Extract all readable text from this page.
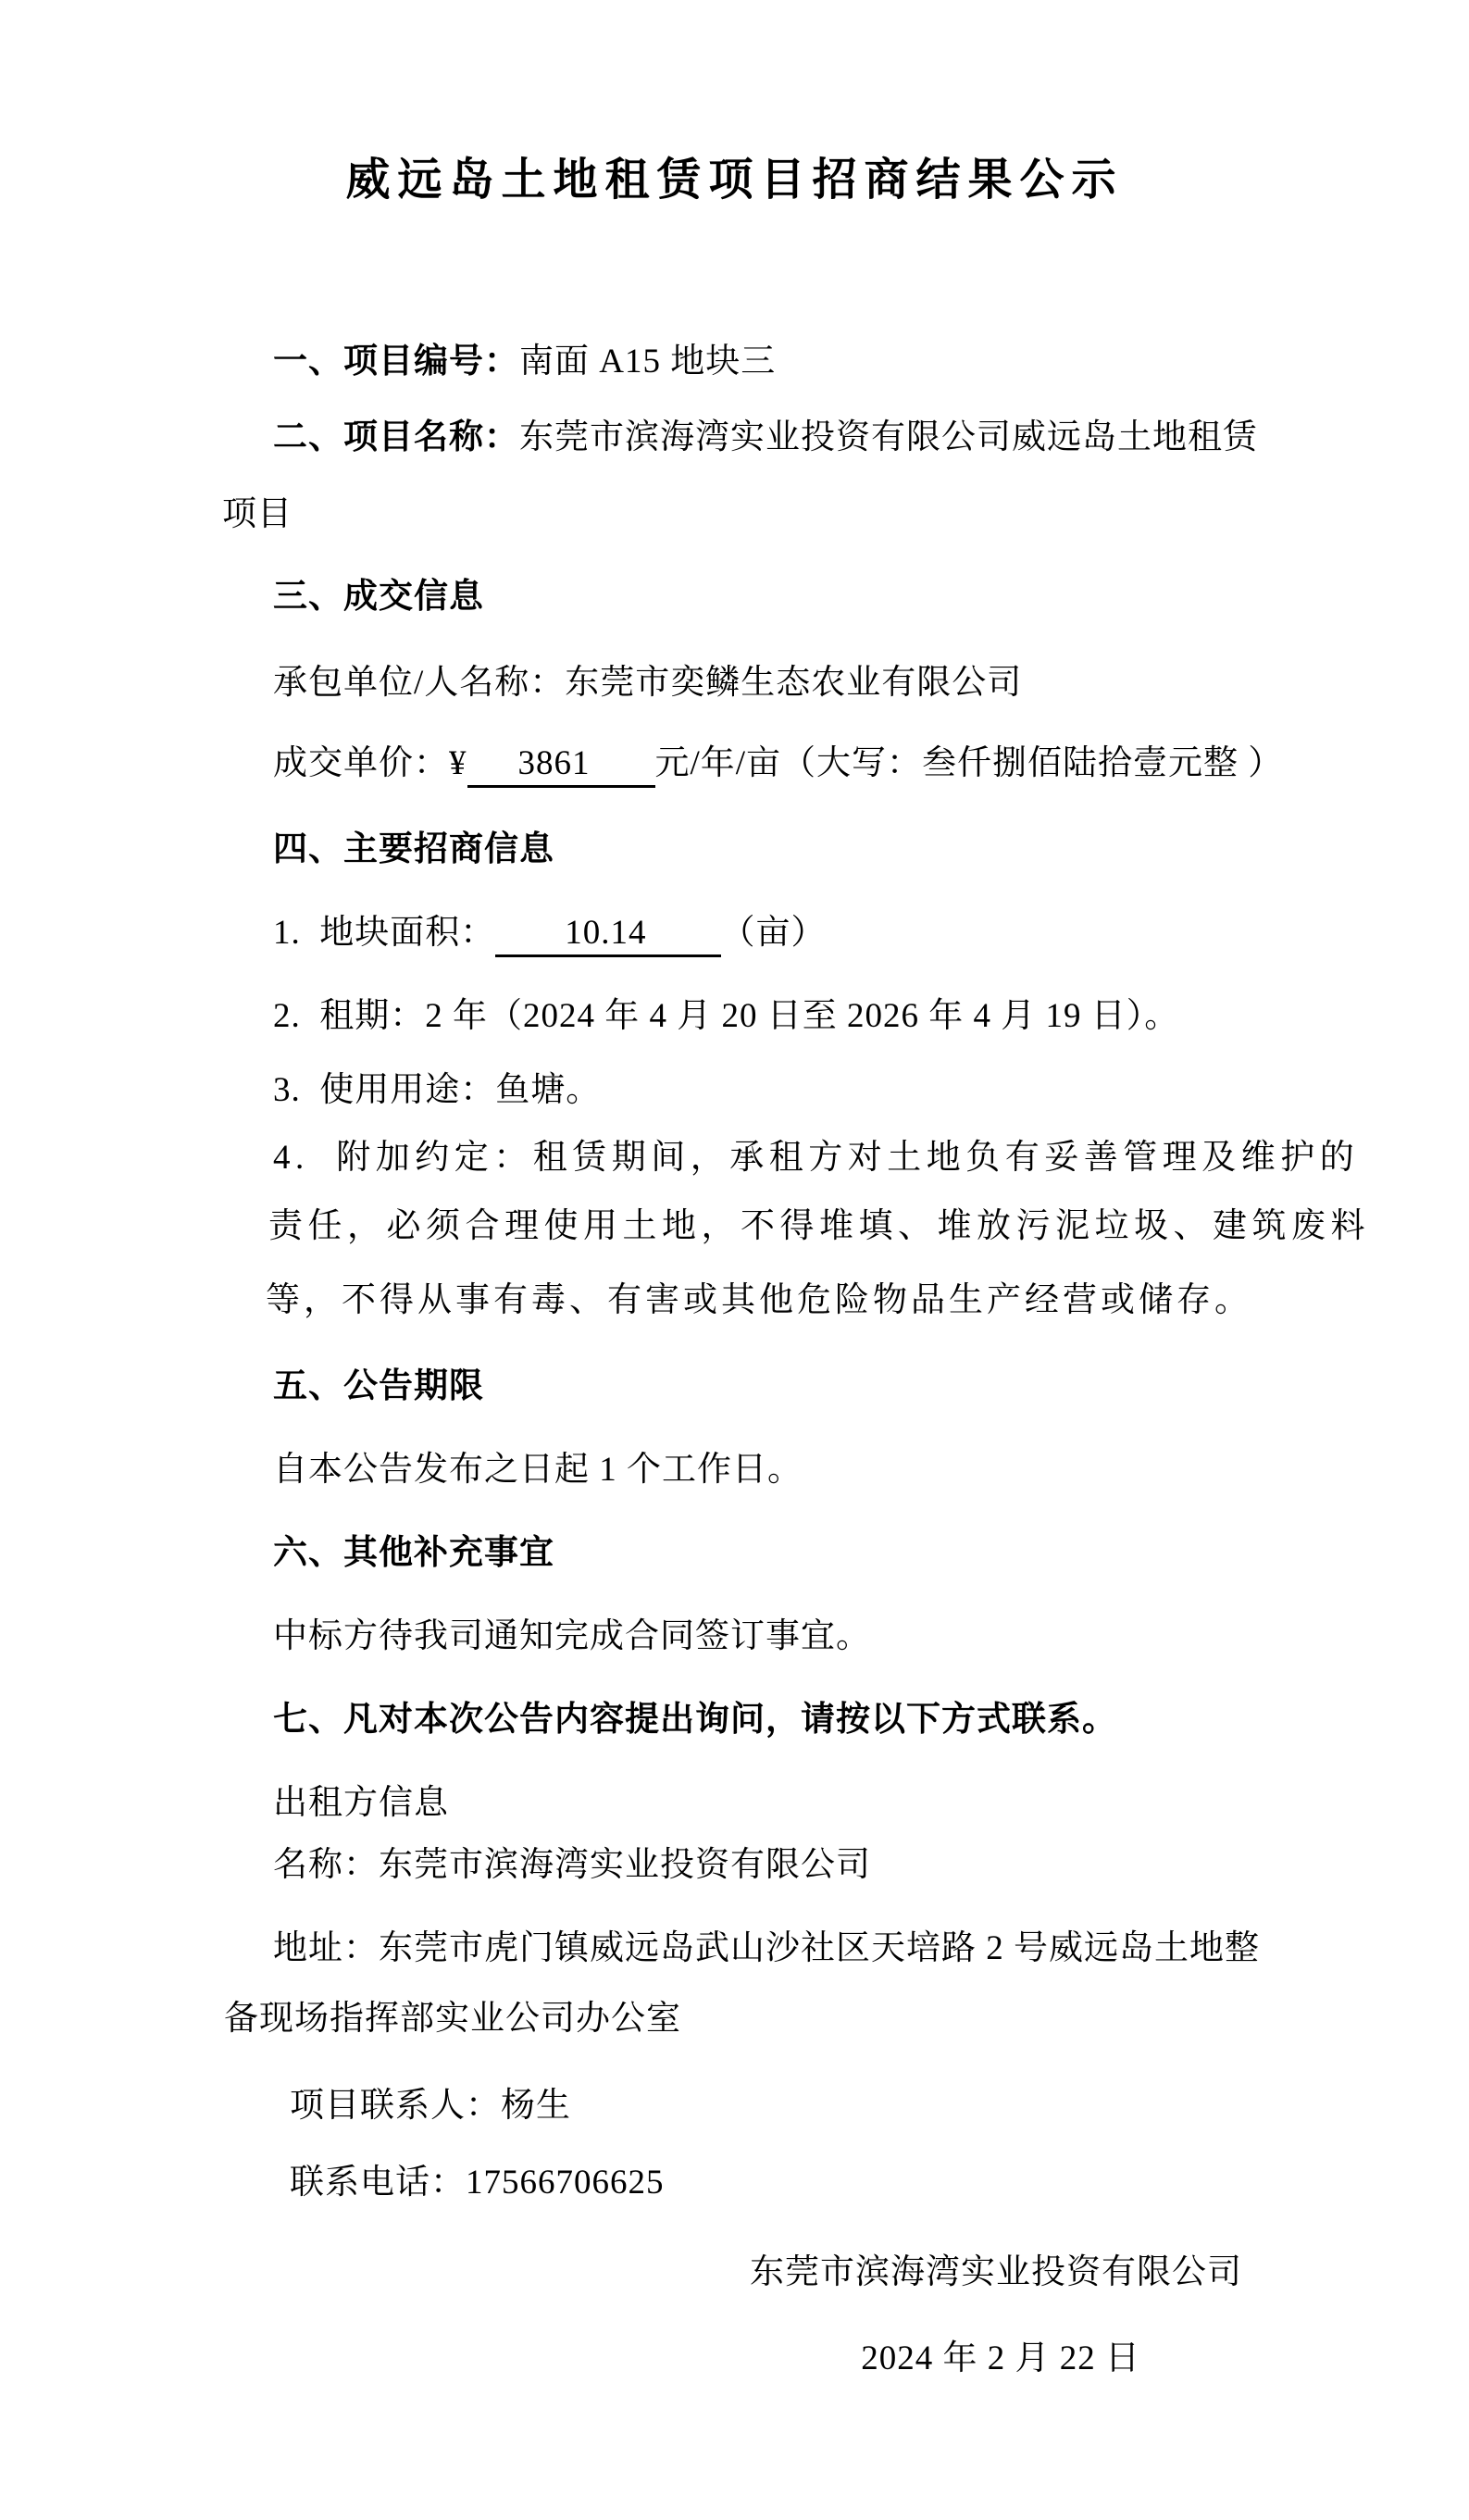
威远岛土地租赁项目招商结果公示
一、项目编号：南面 A15 地块三
二、项目名称：东莞市滨海湾实业投资有限公司威远岛土地租赁
项目
三、成交信息
承包单位/人名称：东莞市奕鳞生态农业有限公司
成交单价：¥ 3861 元/年/亩（大写：叁仟捌佰陆拾壹元整 ）
四、主要招商信息
1.  地块面积： 10.14 （亩）
2.  租期：2 年（2024 年 4 月 20 日至 2026 年 4 月 19 日）。
3.  使用用途：鱼塘。
4.  附加约定：租赁期间，承租方对土地负有妥善管理及维护的
责任，必须合理使用土地，不得堆填、堆放污泥垃圾、建筑废料
等，不得从事有毒、有害或其他危险物品生产经营或储存。
五、公告期限
自本公告发布之日起 1 个工作日。
六、其他补充事宜
中标方待我司通知完成合同签订事宜。
七、凡对本次公告内容提出询问，请按以下方式联系。
出租方信息
名称：东莞市滨海湾实业投资有限公司
地址：东莞市虎门镇威远岛武山沙社区天培路 2 号威远岛土地整
备现场指挥部实业公司办公室
项目联系人：杨生
联系电话：17566706625
东莞市滨海湾实业投资有限公司
2024 年 2 月 22 日
